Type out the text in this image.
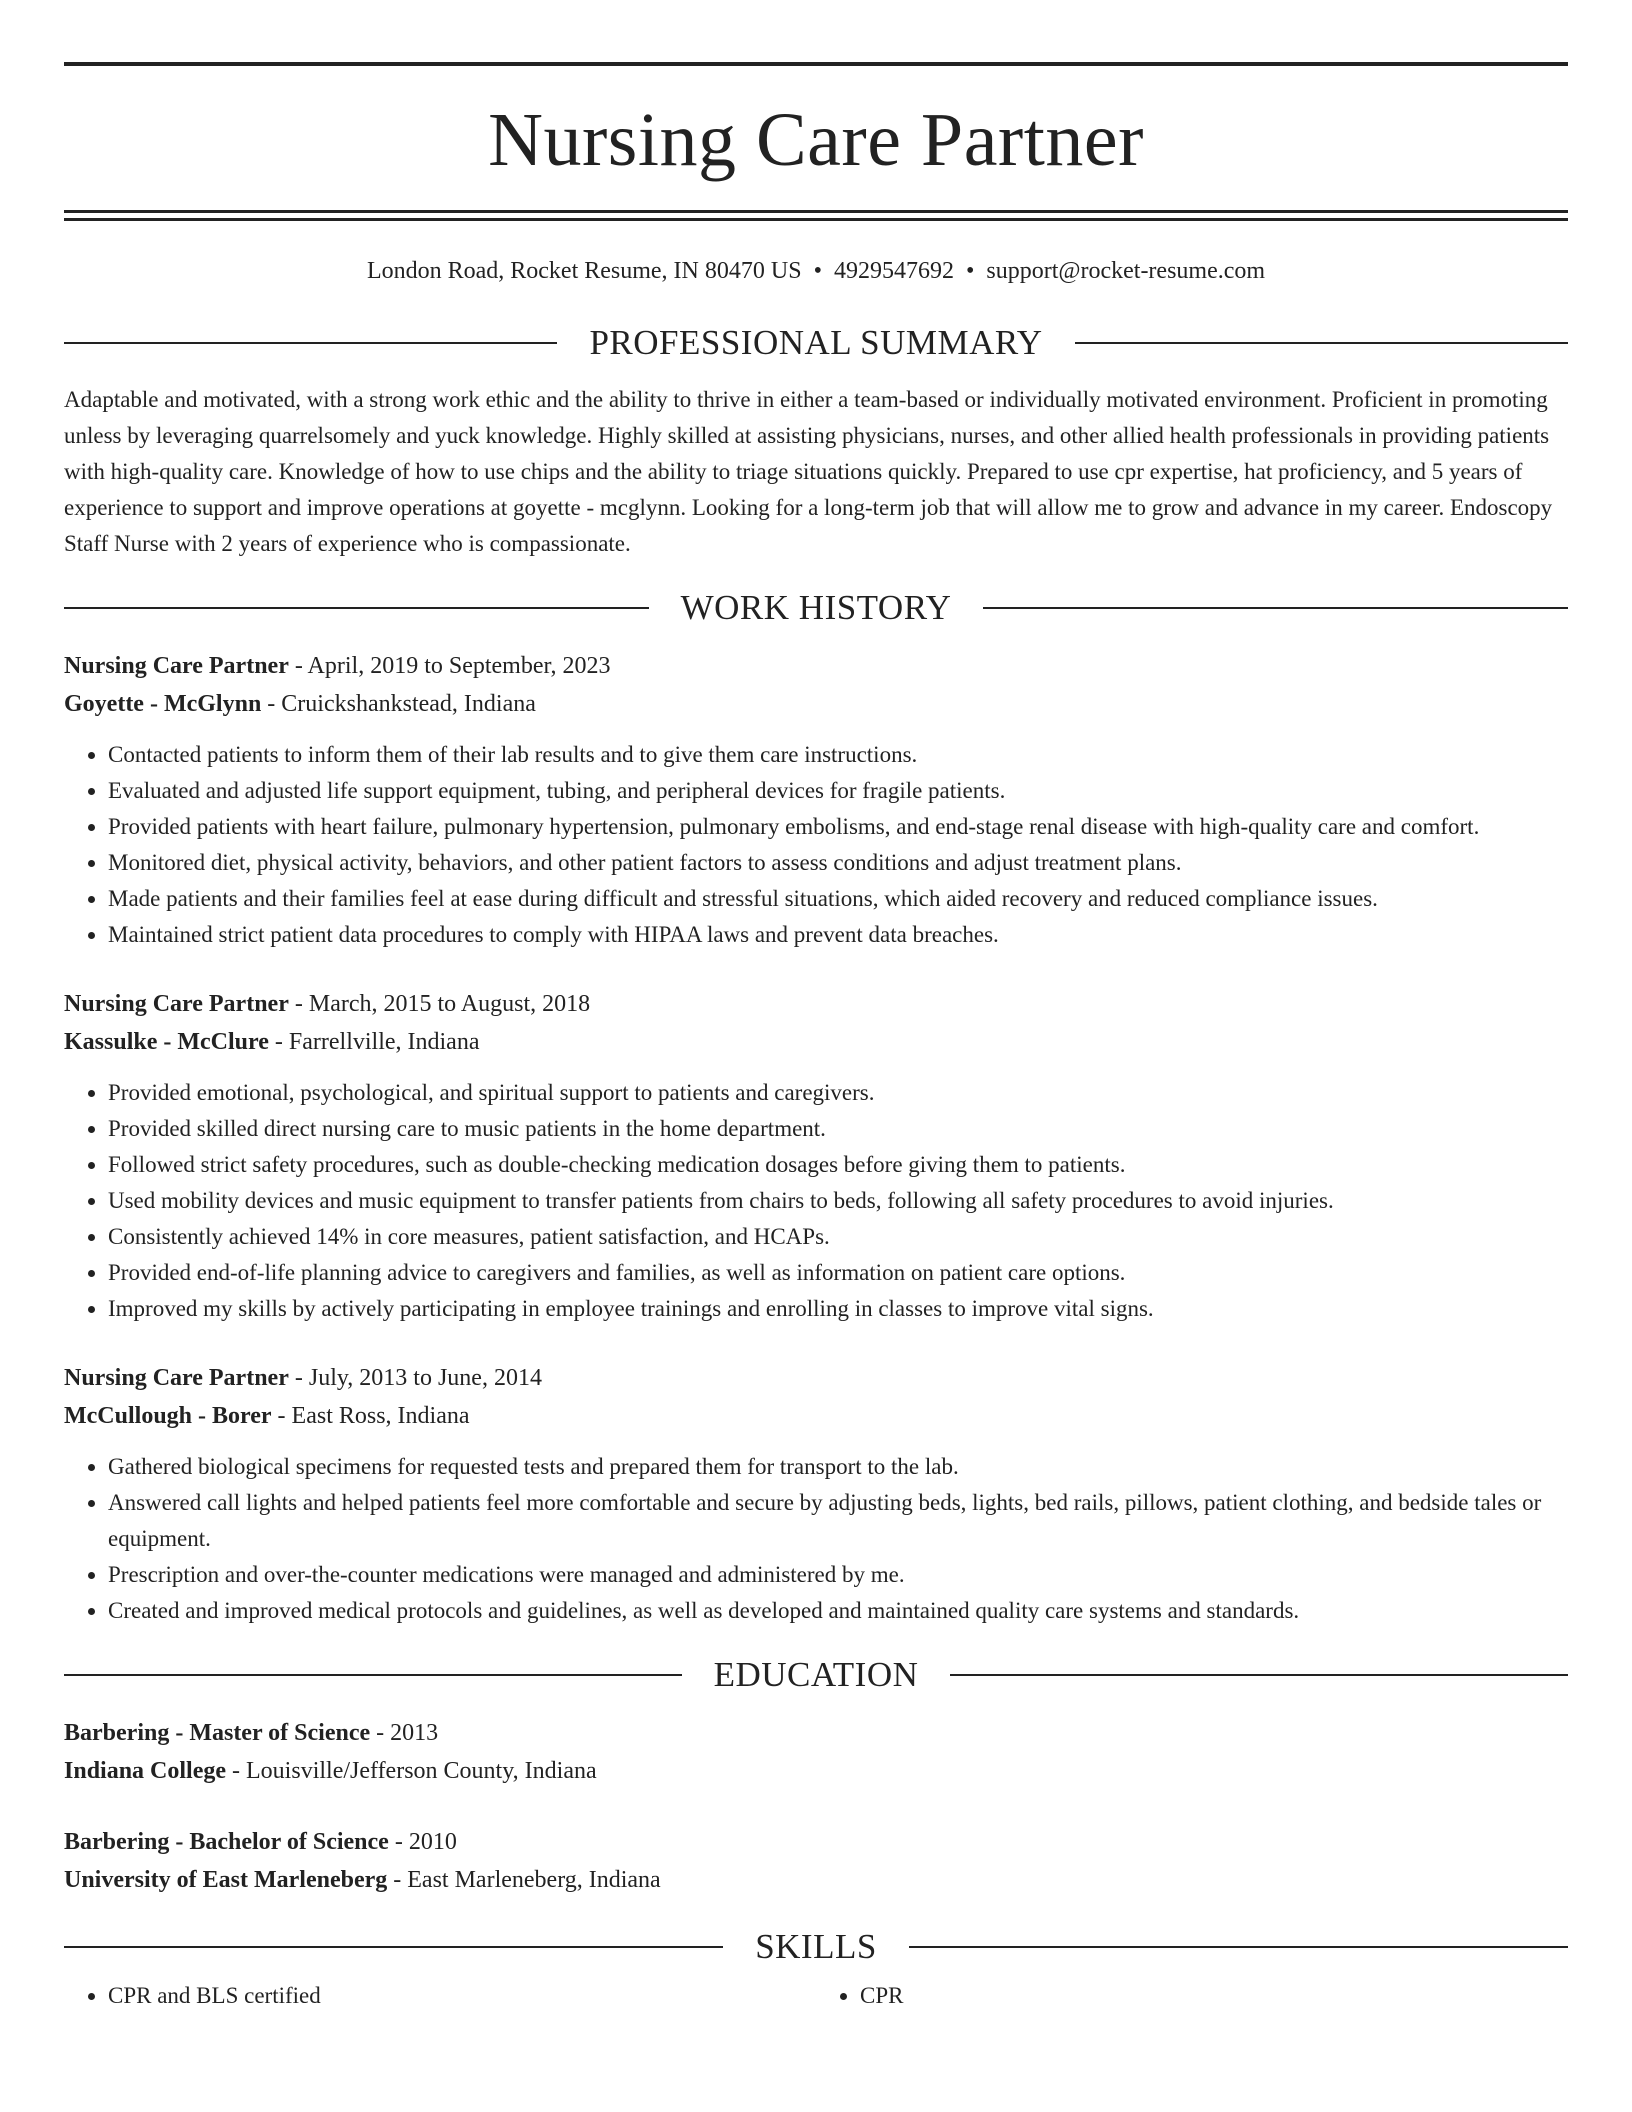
Nursing Care Partner
London Road, Rocket Resume, IN 80470 US • 4929547692 • support@rocket-resume.com
PROFESSIONAL SUMMARY
Adaptable and motivated, with a strong work ethic and the ability to thrive in either a team-based or individually motivated environment. Proficient in promoting unless by leveraging quarrelsomely and yuck knowledge. Highly skilled at assisting physicians, nurses, and other allied health professionals in providing patients with high-quality care. Knowledge of how to use chips and the ability to triage situations quickly. Prepared to use cpr expertise, hat proficiency, and 5 years of experience to support and improve operations at goyette - mcglynn. Looking for a long-term job that will allow me to grow and advance in my career. Endoscopy Staff Nurse with 2 years of experience who is compassionate.
WORK HISTORY
Nursing Care Partner - April, 2019 to September, 2023
Goyette - McGlynn - Cruickshankstead, Indiana
• Contacted patients to inform them of their lab results and to give them care instructions.
• Evaluated and adjusted life support equipment, tubing, and peripheral devices for fragile patients.
• Provided patients with heart failure, pulmonary hypertension, pulmonary embolisms, and end-stage renal disease with high-quality care and comfort.
• Monitored diet, physical activity, behaviors, and other patient factors to assess conditions and adjust treatment plans.
• Made patients and their families feel at ease during difficult and stressful situations, which aided recovery and reduced compliance issues.
• Maintained strict patient data procedures to comply with HIPAA laws and prevent data breaches.
Nursing Care Partner - March, 2015 to August, 2018
Kassulke - McClure - Farrellville, Indiana
• Provided emotional, psychological, and spiritual support to patients and caregivers.
• Provided skilled direct nursing care to music patients in the home department.
• Followed strict safety procedures, such as double-checking medication dosages before giving them to patients.
• Used mobility devices and music equipment to transfer patients from chairs to beds, following all safety procedures to avoid injuries.
• Consistently achieved 14% in core measures, patient satisfaction, and HCAPs.
• Provided end-of-life planning advice to caregivers and families, as well as information on patient care options.
• Improved my skills by actively participating in employee trainings and enrolling in classes to improve vital signs.
Nursing Care Partner - July, 2013 to June, 2014
McCullough - Borer - East Ross, Indiana
• Gathered biological specimens for requested tests and prepared them for transport to the lab.
• Answered call lights and helped patients feel more comfortable and secure by adjusting beds, lights, bed rails, pillows, patient clothing, and bedside tales or equipment.
• Prescription and over-the-counter medications were managed and administered by me.
• Created and improved medical protocols and guidelines, as well as developed and maintained quality care systems and standards.
EDUCATION
Barbering - Master of Science - 2013
Indiana College - Louisville/Jefferson County, Indiana
Barbering - Bachelor of Science - 2010
University of East Marleneberg - East Marleneberg, Indiana
SKILLS
• CPR and BLS certified
•	CPR
